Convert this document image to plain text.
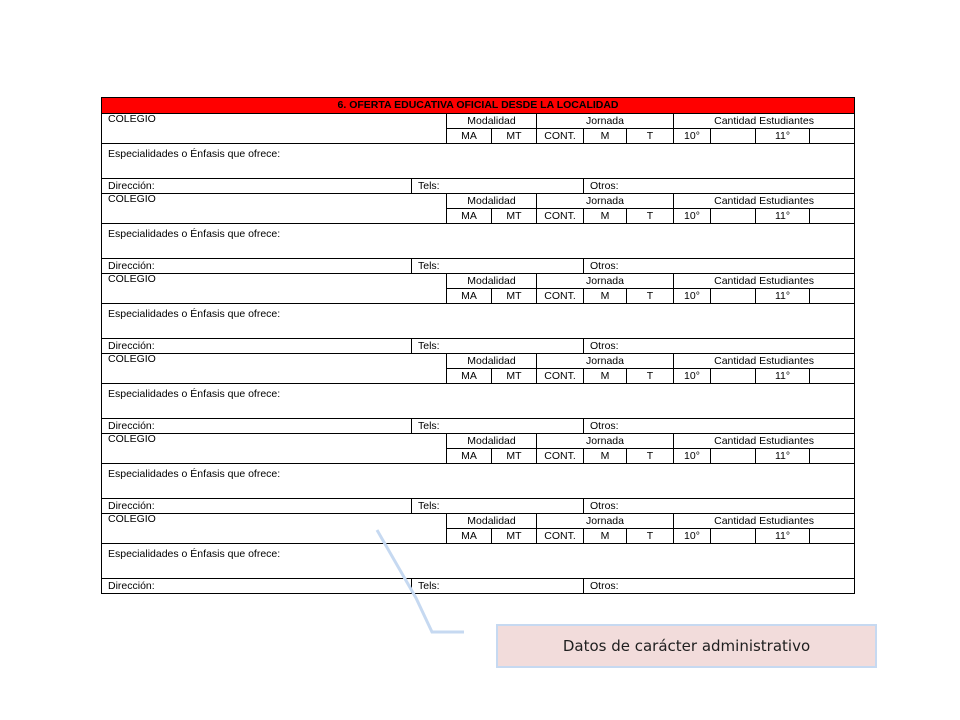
6. OFERTA EDUCATIVA OFICIAL DESDE LA LOCALIDAD										
COLEGIO		Modalidad		Jornada			Cantidad Estudiantes			
		MA	MT	CONT.	M	T	10°		11°	
Especialidades o Énfasis que ofrece:										
Dirección:	Tels:				Otros:					
COLEGIO		Modalidad		Jornada			Cantidad Estudiantes			
		MA	MT	CONT.	M	T	10°		11°	
Especialidades o Énfasis que ofrece:										
Dirección:	Tels:				Otros:					
COLEGIO		Modalidad		Jornada			Cantidad Estudiantes			
		MA	MT	CONT.	M	T	10°		11°	
Especialidades o Énfasis que ofrece:										
Dirección:	Tels:				Otros:					
COLEGIO		Modalidad		Jornada			Cantidad Estudiantes			
		MA	MT	CONT.	M	T	10°		11°	
Especialidades o Énfasis que ofrece:										
Dirección:	Tels:				Otros:					
COLEGIO		Modalidad		Jornada			Cantidad Estudiantes			
		MA	MT	CONT.	M	T	10°		11°	
Especialidades o Énfasis que ofrece:										
Dirección:	Tels:				Otros:					
COLEGIO		Modalidad		Jornada			Cantidad Estudiantes			
		MA	MT	CONT.	M	T	10°		11°	
Especialidades o Énfasis que ofrece:										
Dirección:	Tels:				Otros:					
Datos de carácter administrativo
